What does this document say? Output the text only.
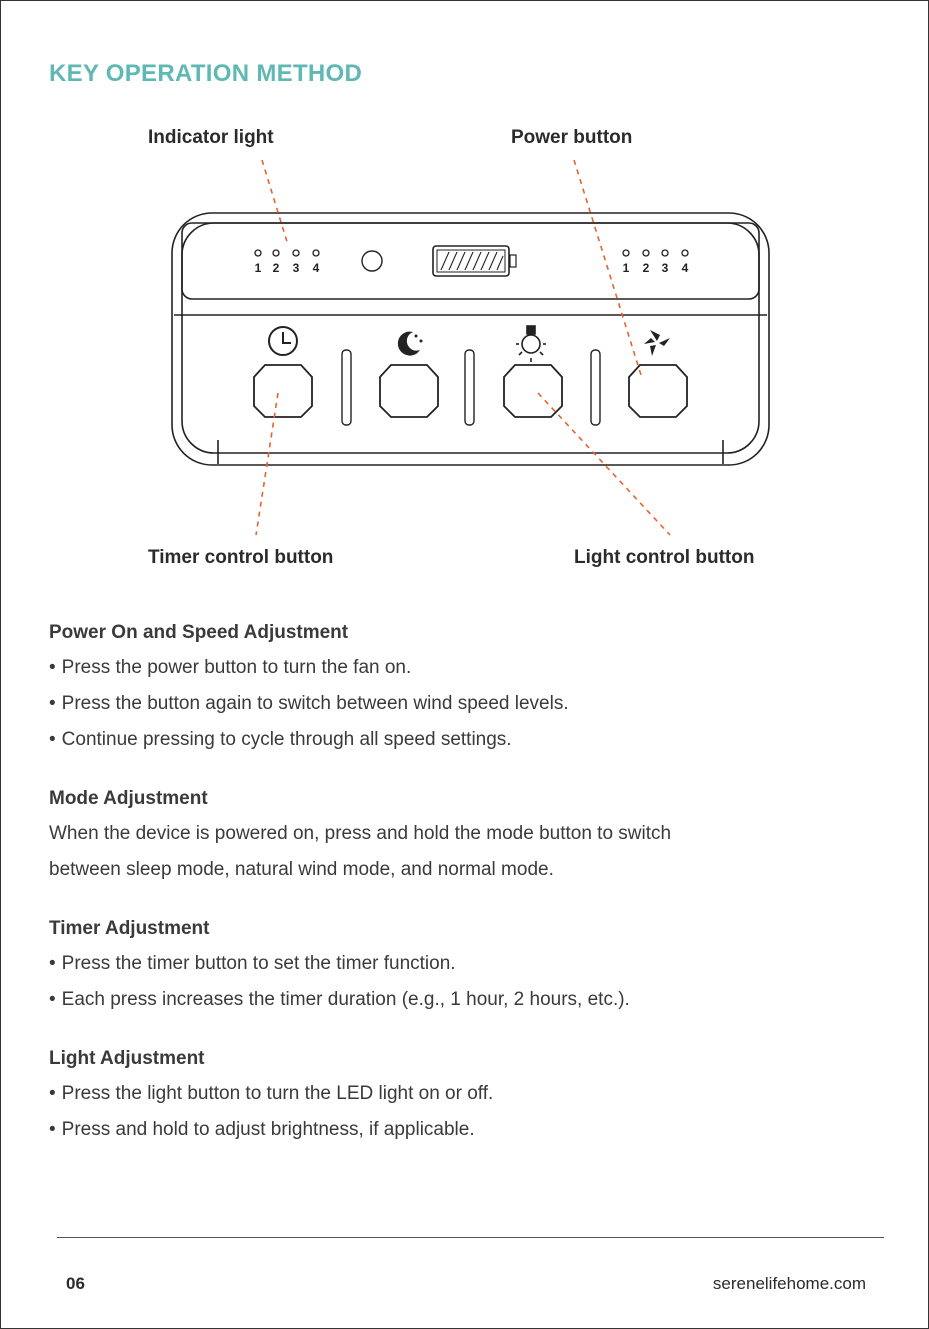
KEY OPERATION METHOD
Indicator light	Power button
Timer control button	Light control button
1 2 3 4	1 2 3 4
Power On and Speed Adjustment
• Press the power button to turn the fan on.
• Press the button again to switch between wind speed levels.
• Continue pressing to cycle through all speed settings.
Mode Adjustment

When the device is powered on, press and hold the mode button to switch

between sleep mode, natural wind mode, and normal mode.

Timer Adjustment
• Press the timer button to set the timer function.
• Each press increases the timer duration (e.g., 1 hour, 2 hours, etc.).
Light Adjustment
• Press the light button to turn the LED light on or off.
• Press and hold to adjust brightness, if applicable.
06	serenelifehome.com
